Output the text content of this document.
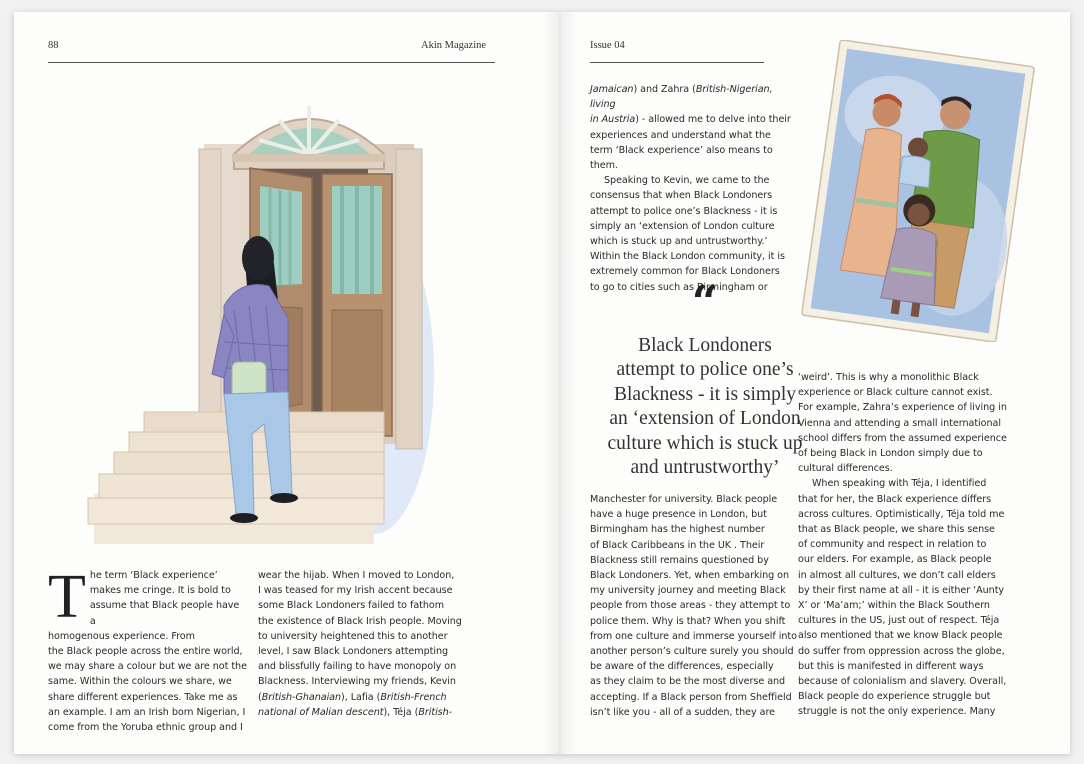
88	Akin Magazine
T he term ‘Black experience’

makes me cringe. It is bold to

assume that Black people have a

homogenous experience. From

the Black people across the entire world,

we may share a colour but we are not the

same. Within the colours we share, we

share different experiences. Take me as

an example. I am an Irish born Nigerian, I

come from the Yoruba ethnic group and I

wear the hijab. When I moved to London,

I was teased for my Irish accent because

some Black Londoners failed to fathom

the existence of Black Irish people. Moving

to university heightened this to another

level, I saw Black Londoners attempting

and blissfully failing to have monopoly on

Blackness. Interviewing my friends, Kevin

(British-Ghanaian), Lafia (British-French

national of Malian descent), Téja (British-

Issue 04

Jamaican) and Zahra (British-Nigerian, living

in Austria) - allowed me to delve into their

experiences and understand what the

term ‘Black experience’ also means to them.

Speaking to Kevin, we came to the

consensus that when Black Londoners

attempt to police one’s Blackness - it is

simply an ‘extension of London culture

which is stuck up and untrustworthy.’

Within the Black London community, it is

extremely common for Black Londoners

to go to cities such as Birmingham or

“
Black Londoners
attempt to police one’s
Blackness - it is simply
an ‘extension of London
culture which is stuck up
and untrustworthy’

Manchester for university. Black people

have a huge presence in London, but

Birmingham has the highest number

of Black Caribbeans in the UK . Their

Blackness still remains questioned by

Black Londoners. Yet, when embarking on

my university journey and meeting Black

people from those areas - they attempt to

police them. Why is that? When you shift

from one culture and immerse yourself into

another person’s culture surely you should

be aware of the differences, especially

as they claim to be the most diverse and

accepting. If a Black person from Sheffield

isn’t like you - all of a sudden, they are

‘weird’. This is why a monolithic Black

experience or Black culture cannot exist.

For example, Zahra’s experience of living in

Vienna and attending a small international

school differs from the assumed experience

of being Black in London simply due to

cultural differences.

When speaking with Téja, I identified

that for her, the Black experience differs

across cultures. Optimistically, Téja told me

that as Black people, we share this sense

of community and respect in relation to

our elders. For example, as Black people

in almost all cultures, we don’t call elders

by their first name at all - it is either ‘Aunty

X’ or ‘Ma’am;’ within the Black Southern

cultures in the US, just out of respect. Téja

also mentioned that we know Black people

do suffer from oppression across the globe,

but this is manifested in different ways

because of colonialism and slavery. Overall,

Black people do experience struggle but

struggle is not the only experience. Many
